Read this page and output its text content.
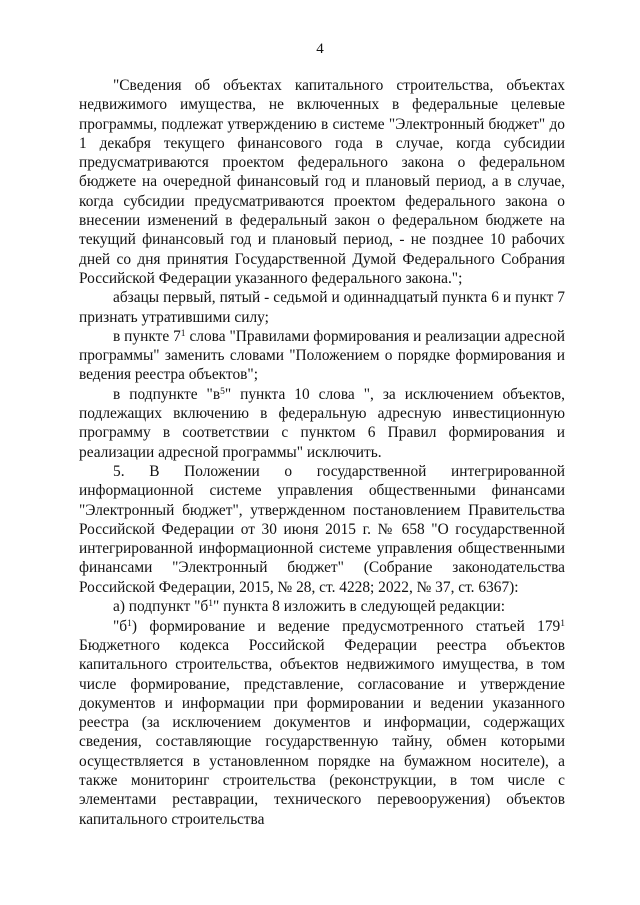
4

"Сведения об объектах капитального строительства, объектах недвижимого имущества, не включенных в федеральные целевые программы, подлежат утверждению в системе "Электронный бюджет" до 1 декабря текущего финансового года в случае, когда субсидии предусматриваются проектом федерального закона о федеральном бюджете на очередной финансовый год и плановый период, а в случае, когда субсидии предусматриваются проектом федерального закона о внесении изменений в федеральный закон о федеральном бюджете на текущий финансовый год и плановый период, - не позднее 10 рабочих дней со дня принятия Государственной Думой Федерального Собрания Российской Федерации указанного федерального закона.";

абзацы первый, пятый - седьмой и одиннадцатый пункта 6 и пункт 7 признать утратившими силу;

в пункте $7^1$ слова "Правилами формирования и реализации адресной программы" заменить словами "Положением о порядке формирования и ведения реестра объектов";

в подпункте "$в^5$" пункта 10 слова ", за исключением объектов, подлежащих включению в федеральную адресную инвестиционную программу в соответствии с пунктом 6 Правил формирования и реализации адресной программы" исключить.

5. В Положении о государственной интегрированной информационной системе управления общественными финансами "Электронный бюджет", утвержденном постановлением Правительства Российской Федерации от 30 июня 2015 г. № 658 "О государственной интегрированной информационной системе управления общественными финансами "Электронный бюджет" (Собрание законодательства Российской Федерации, 2015, № 28, ст. 4228; 2022, № 37, ст. 6367):

а) подпункт "$б^1$" пункта 8 изложить в следующей редакции:

"$б^1$) формирование и ведение предусмотренного статьей $179^1$ Бюджетного кодекса Российской Федерации реестра объектов капитального строительства, объектов недвижимого имущества, в том числе формирование, представление, согласование и утверждение документов и информации при формировании и ведении указанного реестра (за исключением документов и информации, содержащих сведения, составляющие государственную тайну, обмен которыми осуществляется в установленном порядке на бумажном носителе), а также мониторинг строительства (реконструкции, в том числе с элементами реставрации, технического перевооружения) объектов капитального строительства
